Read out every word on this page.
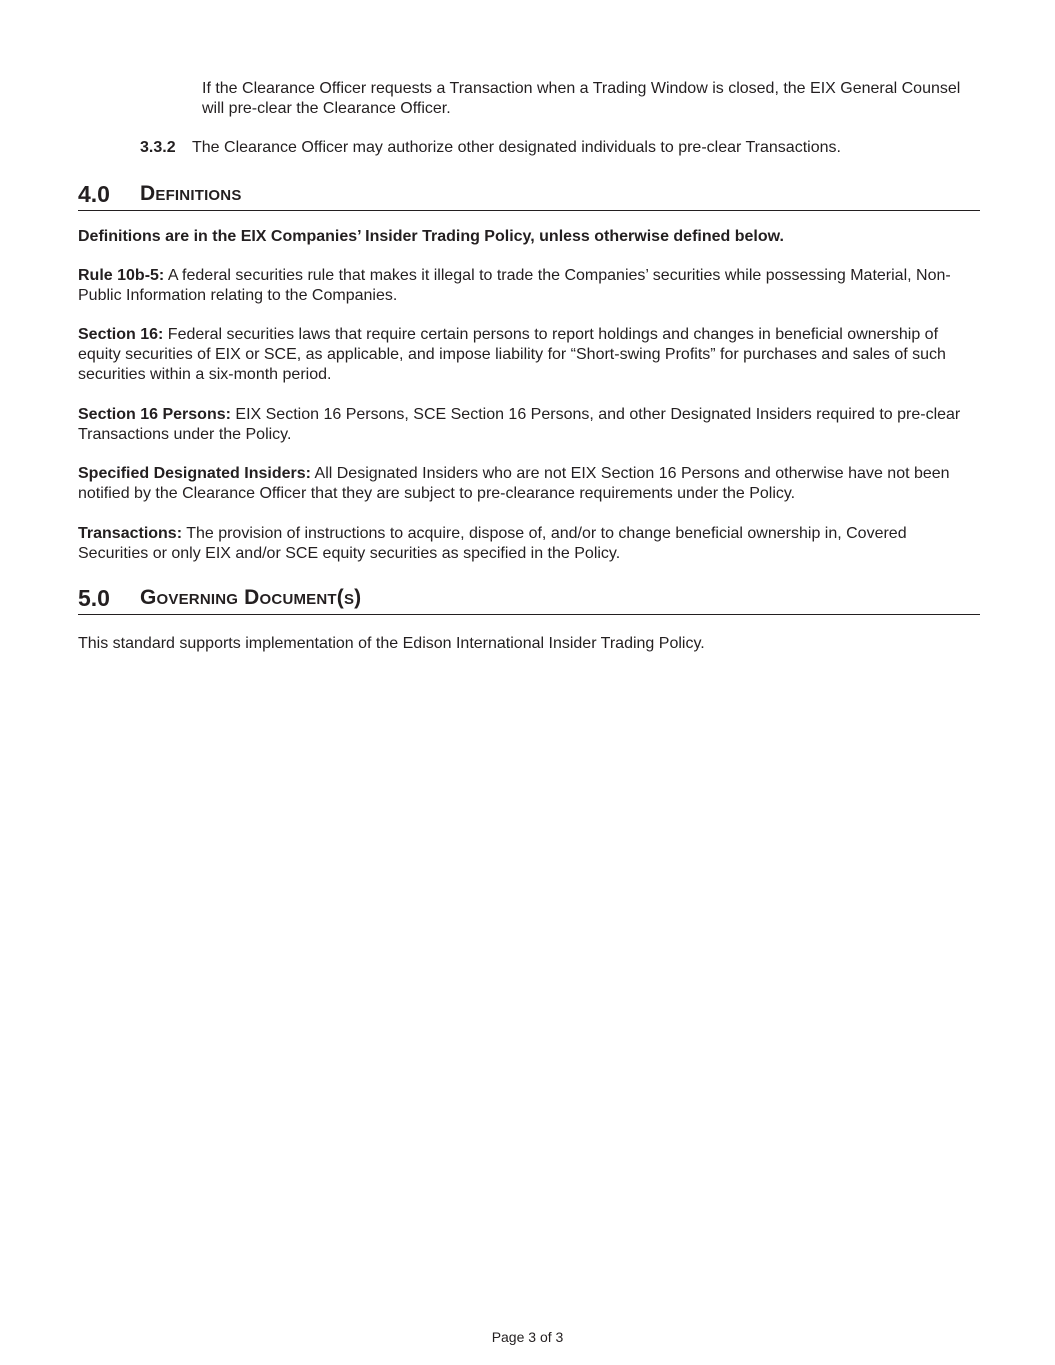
If the Clearance Officer requests a Transaction when a Trading Window is closed, the EIX General Counsel will pre-clear the Clearance Officer.

3.3.2 The Clearance Officer may authorize other designated individuals to pre-clear Transactions.

4.0 Definitions

Definitions are in the EIX Companies’ Insider Trading Policy, unless otherwise defined below.

Rule 10b-5: A federal securities rule that makes it illegal to trade the Companies’ securities while possessing Material, Non-Public Information relating to the Companies.

Section 16: Federal securities laws that require certain persons to report holdings and changes in beneficial ownership of equity securities of EIX or SCE, as applicable, and impose liability for “Short-swing Profits” for purchases and sales of such securities within a six-month period.

Section 16 Persons: EIX Section 16 Persons, SCE Section 16 Persons, and other Designated Insiders required to pre-clear Transactions under the Policy.

Specified Designated Insiders: All Designated Insiders who are not EIX Section 16 Persons and otherwise have not been notified by the Clearance Officer that they are subject to pre-clearance requirements under the Policy.

Transactions: The provision of instructions to acquire, dispose of, and/or to change beneficial ownership in, Covered Securities or only EIX and/or SCE equity securities as specified in the Policy.

5.0 Governing Document(s)

This standard supports implementation of the Edison International Insider Trading Policy.

Page 3 of 3
